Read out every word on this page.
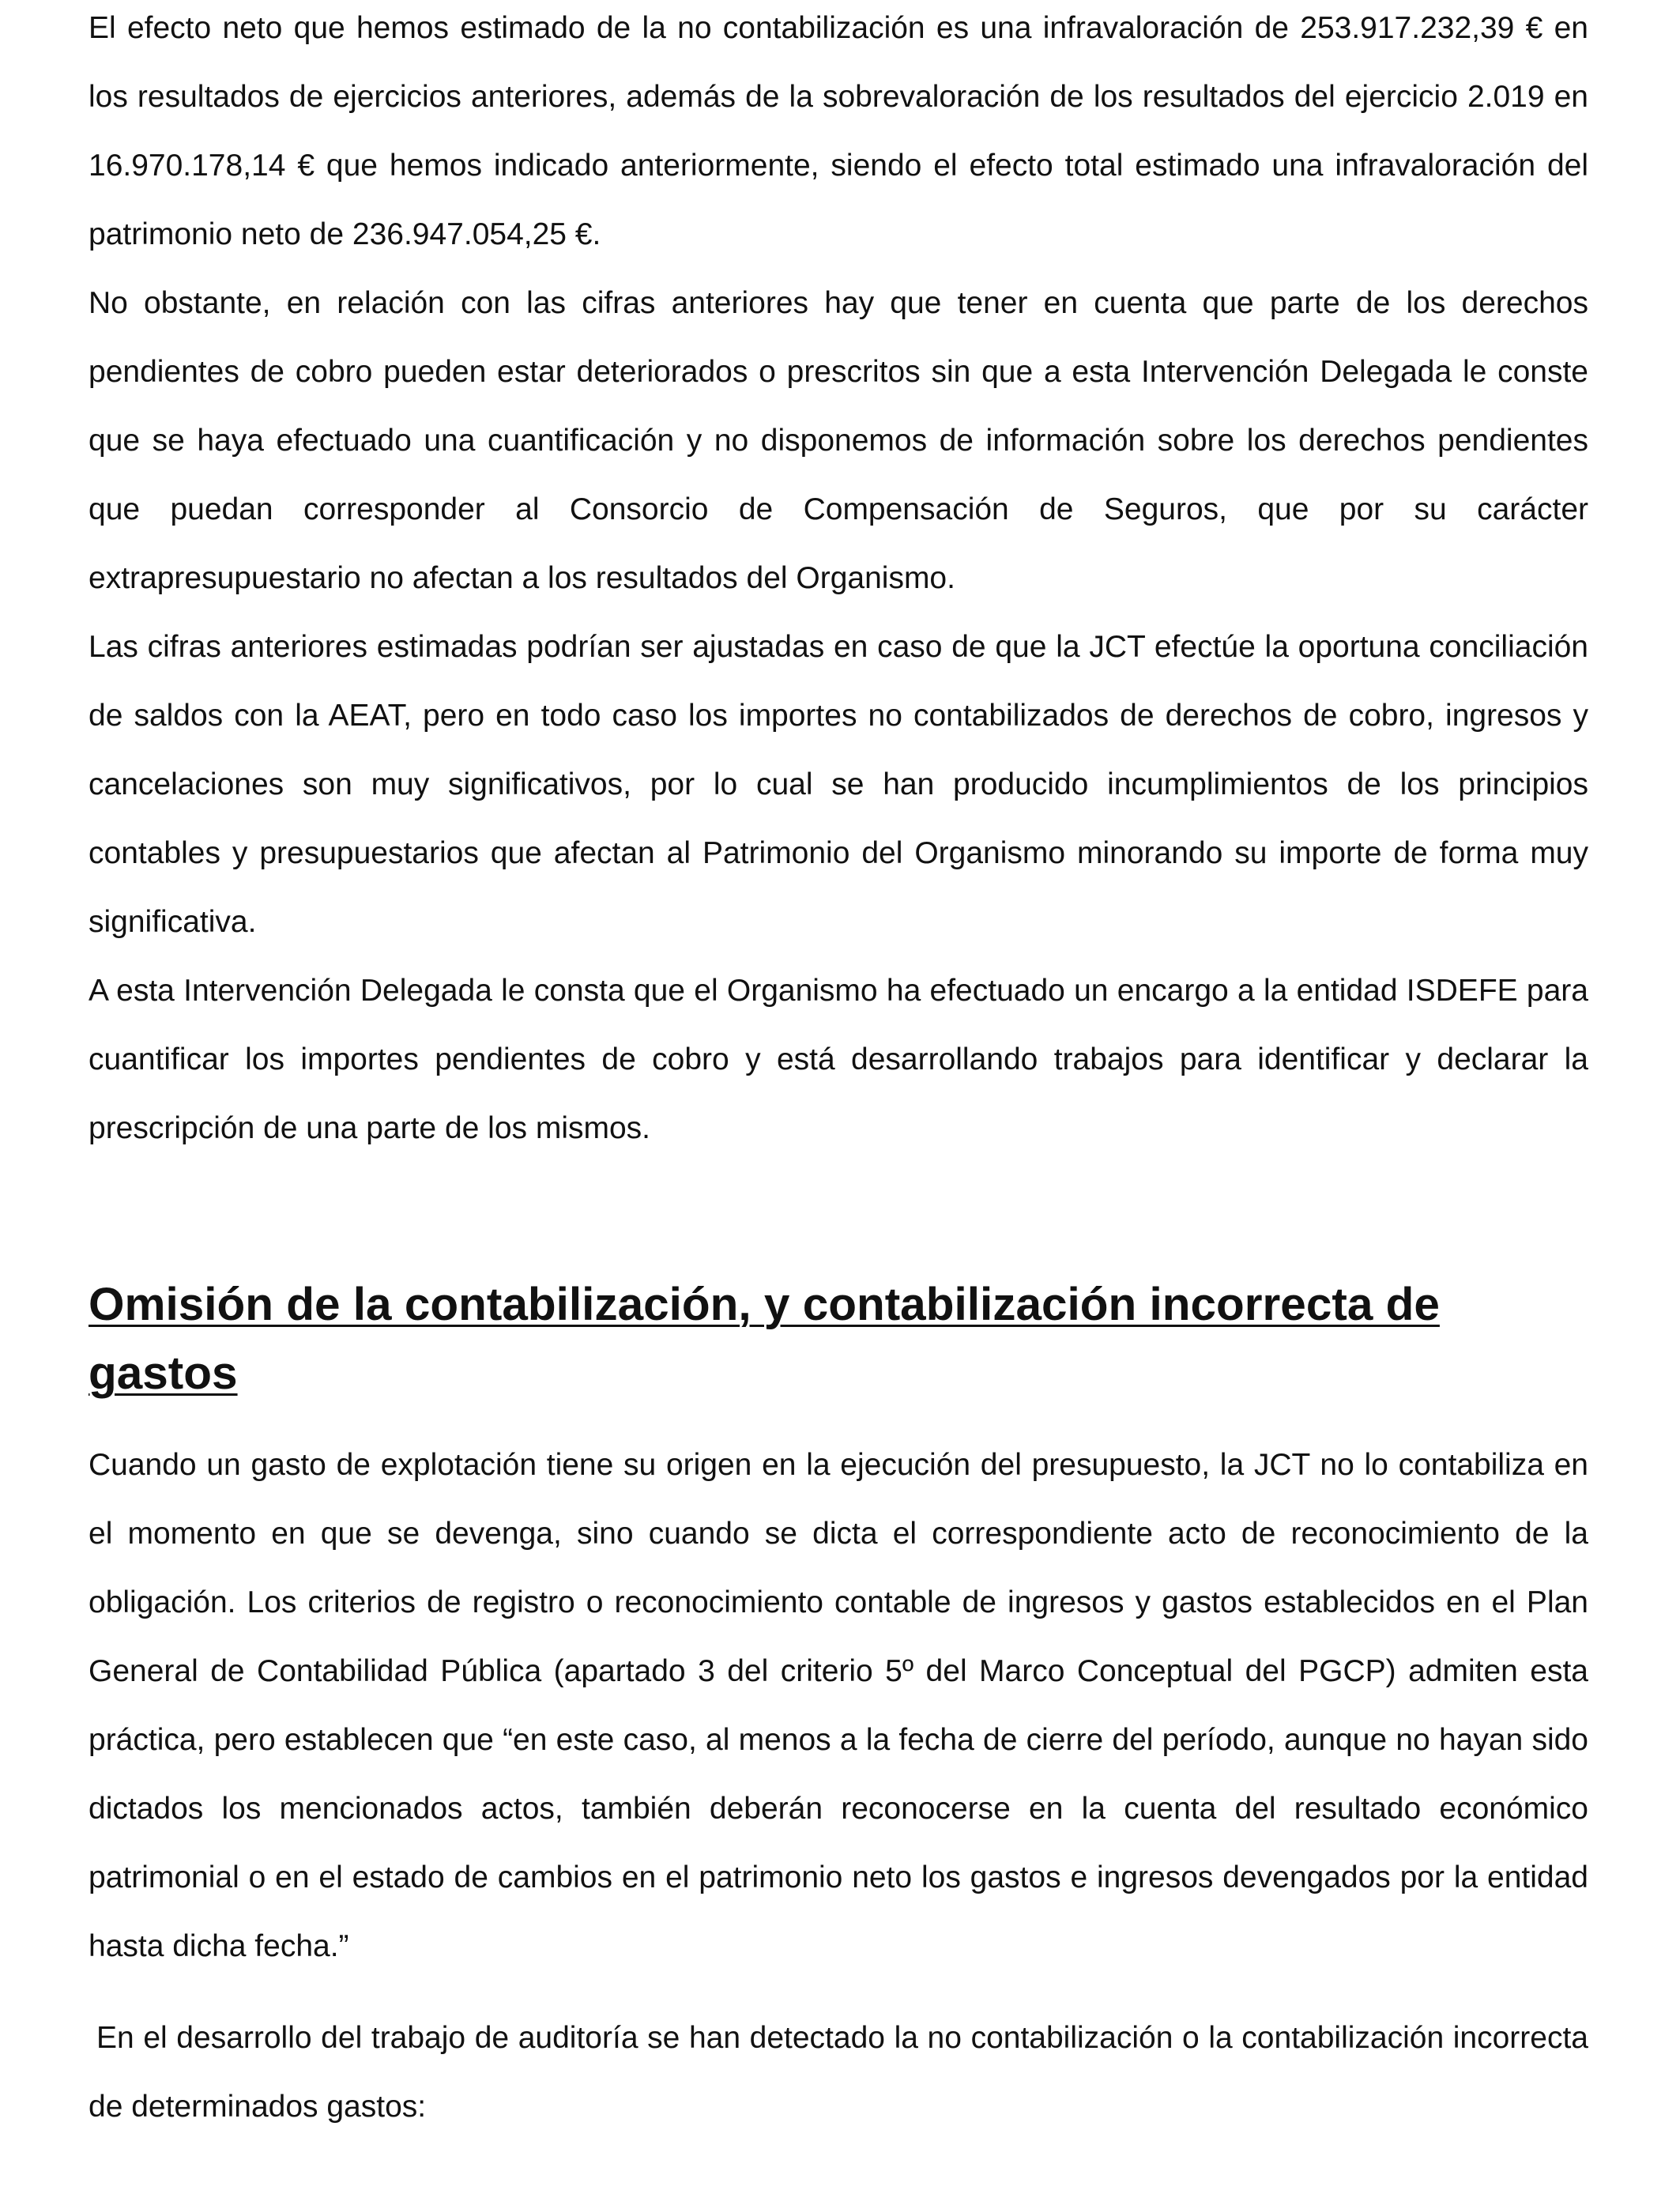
El efecto neto que hemos estimado de la no contabilización es una infravaloración de 253.917.232,39 € en los resultados de ejercicios anteriores, además de la sobrevaloración de los resultados del ejercicio 2.019 en 16.970.178,14 € que hemos indicado anteriormente, siendo el efecto total estimado una infravaloración del patrimonio neto de 236.947.054,25 €.

No obstante, en relación con las cifras anteriores hay que tener en cuenta que parte de los derechos pendientes de cobro pueden estar deteriorados o prescritos sin que a esta Intervención Delegada le conste que se haya efectuado una cuantificación y no disponemos de información sobre los derechos pendientes que puedan corresponder al Consorcio de Compensación de Seguros, que por su carácter extrapresupuestario no afectan a los resultados del Organismo.

Las cifras anteriores estimadas podrían ser ajustadas en caso de que la JCT efectúe la oportuna conciliación de saldos con la AEAT, pero en todo caso los importes no contabilizados de derechos de cobro, ingresos y cancelaciones son muy significativos, por lo cual se han producido incumplimientos de los principios contables y presupuestarios que afectan al Patrimonio del Organismo minorando su importe de forma muy significativa.

A esta Intervención Delegada le consta que el Organismo ha efectuado un encargo a la entidad ISDEFE para cuantificar los importes pendientes de cobro y está desarrollando trabajos para identificar y declarar la prescripción de una parte de los mismos.

Omisión de la contabilización, y contabilización incorrecta de gastos

Cuando un gasto de explotación tiene su origen en la ejecución del presupuesto, la JCT no lo contabiliza en el momento en que se devenga, sino cuando se dicta el correspondiente acto de reconocimiento de la obligación. Los criterios de registro o reconocimiento contable de ingresos y gastos establecidos en el Plan General de Contabilidad Pública (apartado 3 del criterio 5º del Marco Conceptual del PGCP) admiten esta práctica, pero establecen que “en este caso, al menos a la fecha de cierre del período, aunque no hayan sido dictados los mencionados actos, también deberán reconocerse en la cuenta del resultado económico patrimonial o en el estado de cambios en el patrimonio neto los gastos e ingresos devengados por la entidad hasta dicha fecha.”

En el desarrollo del trabajo de auditoría se han detectado la no contabilización o la contabilización incorrecta de determinados gastos:
